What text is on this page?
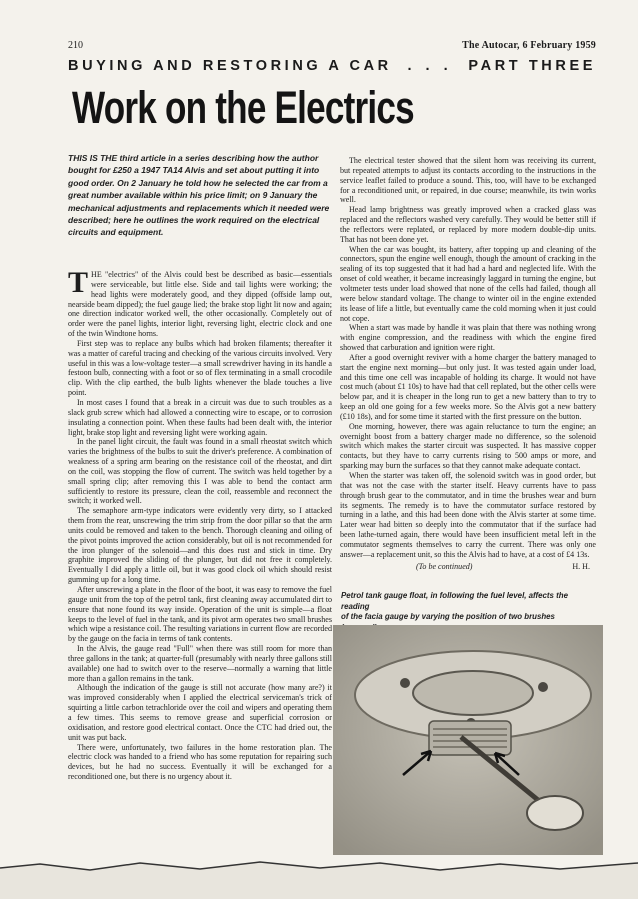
210	The Autocar, 6 February 1959
BUYING AND RESTORING A CAR . . . PART THREE
Work on the Electrics
THIS IS THE third article in a series describing how the author bought for £250 a 1947 TA14 Alvis and set about putting it into good order. On 2 January he told how he selected the car from a great number available within his price limit; on 9 January the mechanical adjustments and replacements which it needed were described; here he outlines the work required on the electrical circuits and equipment.

THE "electrics" of the Alvis could best be described as basic—essentials were serviceable, but little else. Side and tail lights were working; the head lights were moderately good, and they dipped (offside lamp out, nearside beam dipped); the fuel gauge lied; the brake stop light lit now and again; one direction indicator worked well, the other occasionally. Completely out of order were the panel lights, interior light, reversing light, electric clock and one of the twin Windtone horns.

First step was to replace any bulbs which had broken filaments; thereafter it was a matter of careful tracing and checking of the various circuits involved. Very useful in this was a low-voltage tester—a small screwdriver having in its handle a festoon bulb, connecting with a foot or so of flex terminating in a small crocodile clip. With the clip earthed, the bulb lights whenever the blade touches a live point.

In most cases I found that a break in a circuit was due to such troubles as a slack grub screw which had allowed a connecting wire to escape, or to corrosion insulating a connection point. When these faults had been dealt with, the interior light, brake stop light and reversing light were working again.

In the panel light circuit, the fault was found in a small rheostat switch which varies the brightness of the bulbs to suit the driver's preference. A combination of weakness of a spring arm bearing on the resistance coil of the rheostat, and dirt on the coil, was stopping the flow of current. The switch was held together by a small spring clip; after removing this I was able to bend the contact arm sufficiently to restore its pressure, clean the coil, reassemble and reconnect the switch; it worked well.

The semaphore arm-type indicators were evidently very dirty, so I attacked them from the rear, unscrewing the trim strip from the door pillar so that the arm units could be removed and taken to the bench. Thorough cleaning and oiling of the pivot points improved the action considerably, but oil is not recommended for the iron plunger of the solenoid—and this does rust and stick in time. Dry graphite improved the sliding of the plunger, but did not free it completely. Eventually I did apply a little oil, but it was good clock oil which should resist gumming up for a long time.

After unscrewing a plate in the floor of the boot, it was easy to remove the fuel gauge unit from the top of the petrol tank, first cleaning away accumulated dirt to ensure that none found its way inside. Operation of the unit is simple—a float keeps to the level of fuel in the tank, and its pivot arm operates two small brushes which wipe a resistance coil. The resulting variations in current flow are recorded by the gauge on the facia in terms of tank contents.

In the Alvis, the gauge read "Full" when there was still room for more than three gallons in the tank; at quarter-full (presumably with nearly three gallons still available) one had to switch over to the reserve—normally a warning that little more than a gallon remains in the tank.

Although the indication of the gauge is still not accurate (how many are?) it was improved considerably when I applied the electrical serviceman's trick of squirting a little carbon tetrachloride over the coil and wipers and operating them a few times. This seems to remove grease and superficial corrosion or oxidisation, and restore good electrical contact. Once the CTC had dried out, the unit was put back.

There were, unfortunately, two failures in the home restoration plan. The electric clock was handed to a friend who has some reputation for repairing such devices, but he had no success. Eventually it will be exchanged for a reconditioned one, but there is no urgency about it.

The electrical tester showed that the silent horn was receiving its current, but repeated attempts to adjust its contacts according to the instructions in the service leaflet failed to produce a sound. This, too, will have to be exchanged for a reconditioned unit, or repaired, in due course; meanwhile, its twin works well.

Head lamp brightness was greatly improved when a cracked glass was replaced and the reflectors washed very carefully. They would be better still if the reflectors were replated, or replaced by more modern double-dip units. That has not been done yet.

When the car was bought, its battery, after topping up and cleaning of the connectors, spun the engine well enough, though the amount of cracking in the sealing of its top suggested that it had had a hard and neglected life. With the onset of cold weather, it became increasingly laggard in turning the engine, but voltmeter tests under load showed that none of the cells had failed, though all were below standard voltage. The change to winter oil in the engine extended its lease of life a little, but eventually came the cold morning when it just could not cope.

When a start was made by handle it was plain that there was nothing wrong with engine compression, and the readiness with which the engine fired showed that carburation and ignition were right.

After a good overnight reviver with a home charger the battery managed to start the engine next morning—but only just. It was tested again under load, and this time one cell was incapable of holding its charge. It would not have cost much (about £1 10s) to have had that cell replated, but the other cells were below par, and it is cheaper in the long run to get a new battery than to try to keep an old one going for a few weeks more. So the Alvis got a new battery (£10 18s), and for some time it started with the first pressure on the button.

One morning, however, there was again reluctance to turn the engine; an overnight boost from a battery charger made no difference, so the solenoid switch which makes the starter circuit was suspected. It has massive copper contacts, but they have to carry currents rising to 500 amps or more, and sparking may burn the surfaces so that they cannot make adequate contact.

When the starter was taken off, the solenoid switch was in good order, but that was not the case with the starter itself. Heavy currents have to pass through brush gear to the commutator, and in time the brushes wear and burn its segments. The remedy is to have the commutator surface restored by turning in a lathe, and this had been done with the Alvis starter at some time. Later wear had bitten so deeply into the commutator that if the surface had been lathe-turned again, there would have been insufficient metal left in the commutator segments themselves to carry the current. There was only one answer—a replacement unit, so this the Alvis had to have, at a cost of £4 13s.

(To be continued)	H. H.
Petrol tank gauge float, in following the fuel level, affects the reading
of the facia gauge by varying the position of two brushes
